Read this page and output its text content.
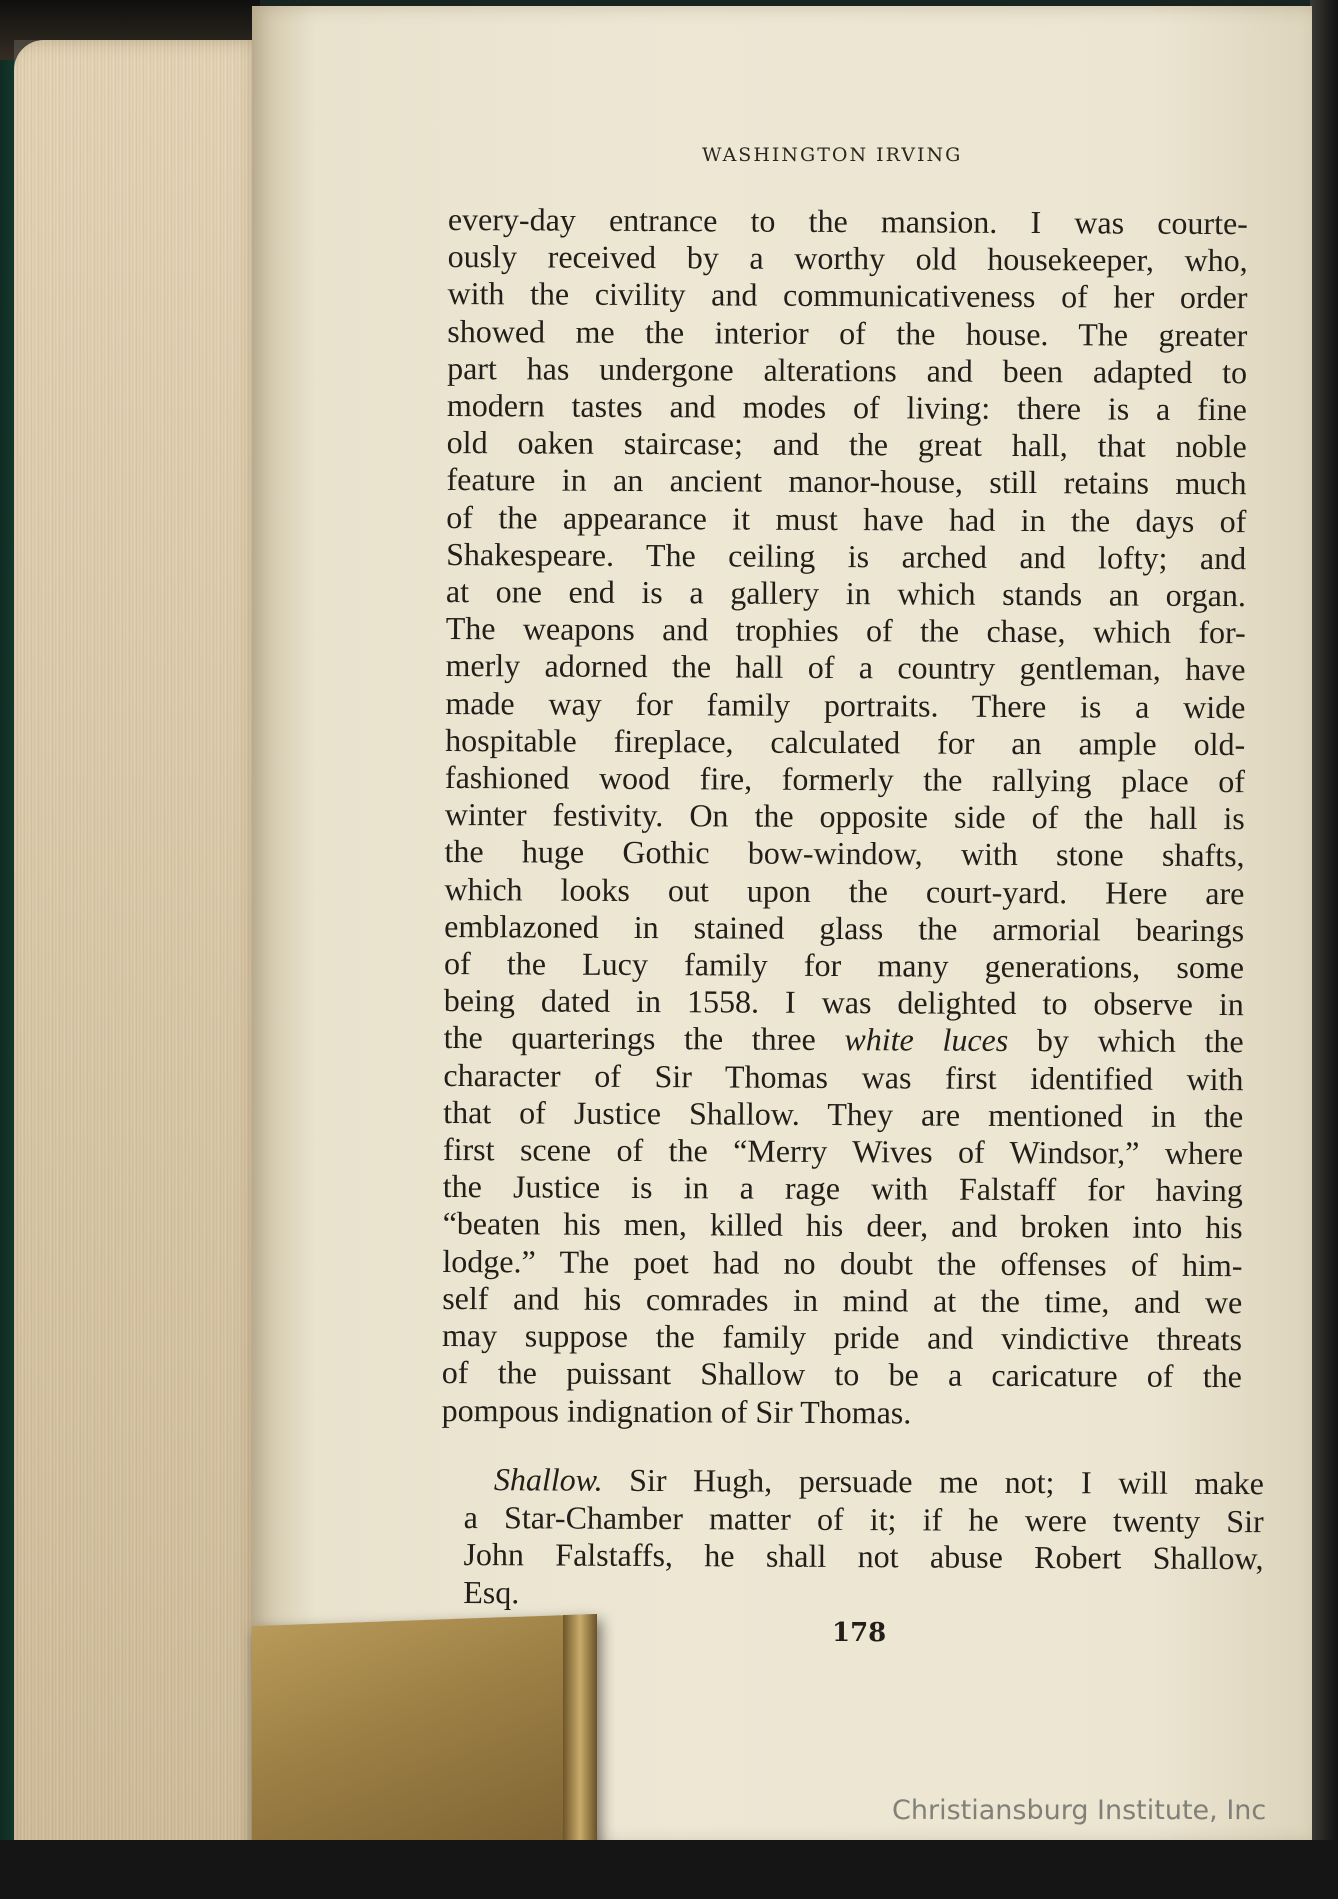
WASHINGTON IRVING
every-day entrance to the mansion. I was courte-
ously received by a worthy old housekeeper, who,
with the civility and communicativeness of her order
showed me the interior of the house. The greater
part has undergone alterations and been adapted to
modern tastes and modes of living: there is a fine
old oaken staircase; and the great hall, that noble
feature in an ancient manor-house, still retains much
of the appearance it must have had in the days of
Shakespeare. The ceiling is arched and lofty; and
at one end is a gallery in which stands an organ.
The weapons and trophies of the chase, which for-
merly adorned the hall of a country gentleman, have
made way for family portraits. There is a wide
hospitable fireplace, calculated for an ample old-
fashioned wood fire, formerly the rallying place of
winter festivity. On the opposite side of the hall is
the huge Gothic bow-window, with stone shafts,
which looks out upon the court-yard. Here are
emblazoned in stained glass the armorial bearings
of the Lucy family for many generations, some
being dated in 1558. I was delighted to observe in
the quarterings the three white luces by which the
character of Sir Thomas was first identified with
that of Justice Shallow. They are mentioned in the
first scene of the “Merry Wives of Windsor,” where
the Justice is in a rage with Falstaff for having
“beaten his men, killed his deer, and broken into his
lodge.” The poet had no doubt the offenses of him-
self and his comrades in mind at the time, and we
may suppose the family pride and vindictive threats
of the puissant Shallow to be a caricature of the
pompous indignation of Sir Thomas.
Shallow. Sir Hugh, persuade me not; I will make
a Star-Chamber matter of it; if he were twenty Sir
John Falstaffs, he shall not abuse Robert Shallow,
Esq.
178
Christiansburg Institute, Inc
